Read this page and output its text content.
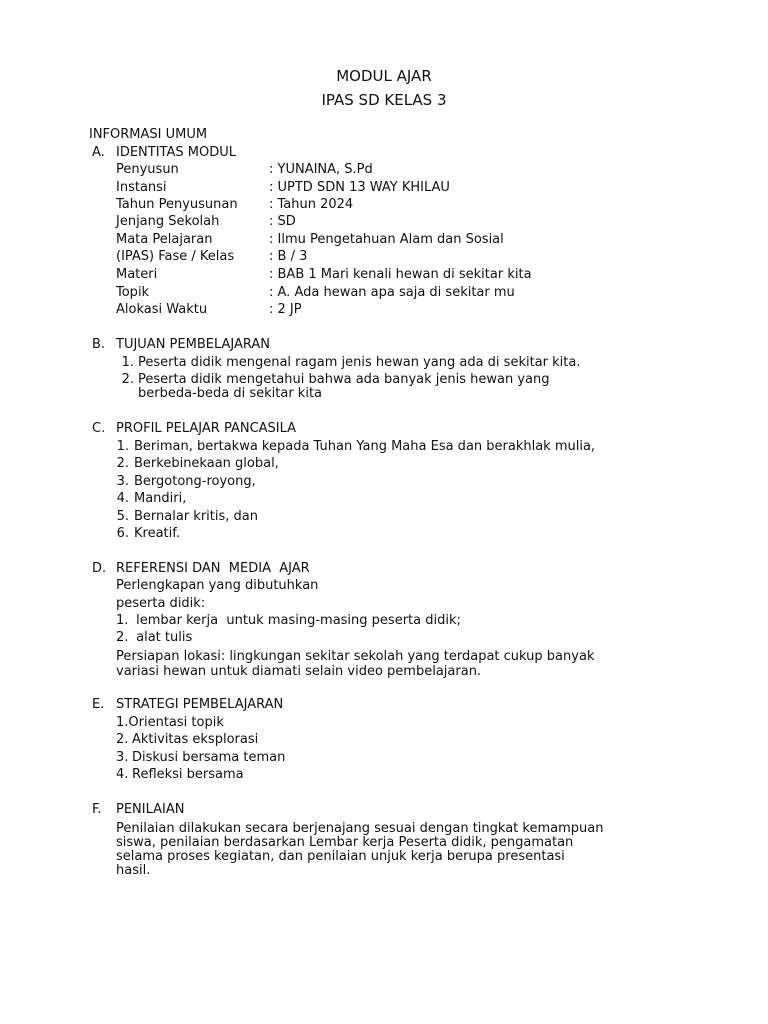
MODUL AJAR
IPAS SD KELAS 3
INFORMASI UMUM
A. IDENTITAS MODUL
Penyusun	: YUNAINA, S.Pd
Instansi	: UPTD SDN 13 WAY KHILAU
Tahun Penyusunan : Tahun 2024
Jenjang Sekolah	: SD
Mata Pelajaran	: Ilmu Pengetahuan Alam dan Sosial
(IPAS) Fase / Kelas	: B / 3
Materi	: BAB 1 Mari kenali hewan di sekitar kita
Topik	: A. Ada hewan apa saja di sekitar mu
Alokasi Waktu	: 2 JP
B. TUJUAN PEMBELAJARAN
1. Peserta didik mengenal ragam jenis hewan yang ada di sekitar kita.
2. Peserta didik mengetahui bahwa ada banyak jenis hewan yang
berbeda-beda di sekitar kita
C. PROFIL PELAJAR PANCASILA
1. Beriman, bertakwa kepada Tuhan Yang Maha Esa dan berakhlak mulia,
2. Berkebinekaan global,
3. Bergotong-royong,
4. Mandiri,
5. Bernalar kritis, dan
6. Kreatif.
D. REFERENSI DAN  MEDIA  AJAR
Perlengkapan yang dibutuhkan
peserta didik:
1. lembar kerja  untuk masing-masing peserta didik;
2. alat tulis
Persiapan lokasi: lingkungan sekitar sekolah yang terdapat cukup banyak
variasi hewan untuk diamati selain video pembelajaran.
E. STRATEGI PEMBELAJARAN
1.Orientasi topik
2. Aktivitas eksplorasi
3. Diskusi bersama teman
4. Refleksi bersama
F. PENILAIAN
Penilaian dilakukan secara berjenajang sesuai dengan tingkat kemampuan
siswa, penilaian berdasarkan Lembar kerja Peserta didik, pengamatan
selama proses kegiatan, dan penilaian unjuk kerja berupa presentasi
hasil.
